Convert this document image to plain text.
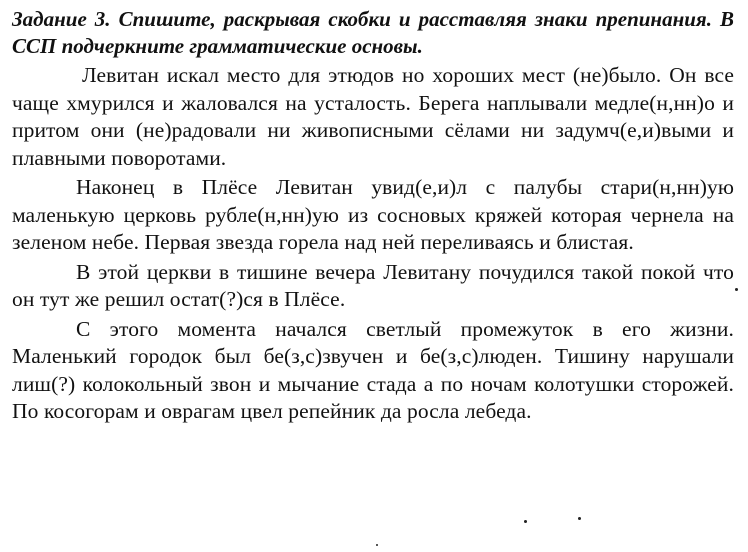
Задание 3. Спишите, раскрывая скобки и расставляя знаки препинания. В ССП подчеркните грамматические основы.

Левитан искал место для этюдов но хороших мест (не)было. Он все чаще хмурился и жаловался на усталость. Берега наплывали медле(н,нн)о и притом они (не)радовали ни живописными сёлами ни задумч(е,и)выми и плавными поворотами.

Наконец в Плёсе Левитан увид(е,и)л с палубы стари(н,нн)ую маленькую церковь рубле(н,нн)ую из сосновых кряжей которая чернела на зеленом небе. Первая звезда горела над ней переливаясь и блистая.

В этой церкви в тишине вечера Левитану почудился такой покой что он тут же решил остат(?)ся в Плёсе.

С этого момента начался светлый промежуток в его жизни. Маленький городок был бе(з,с)звучен и бе(з,с)люден. Тишину нарушали лиш(?) колокольный звон и мычание стада а по ночам колотушки сторожей. По косогорам и оврагам цвел репейник да росла лебеда.
